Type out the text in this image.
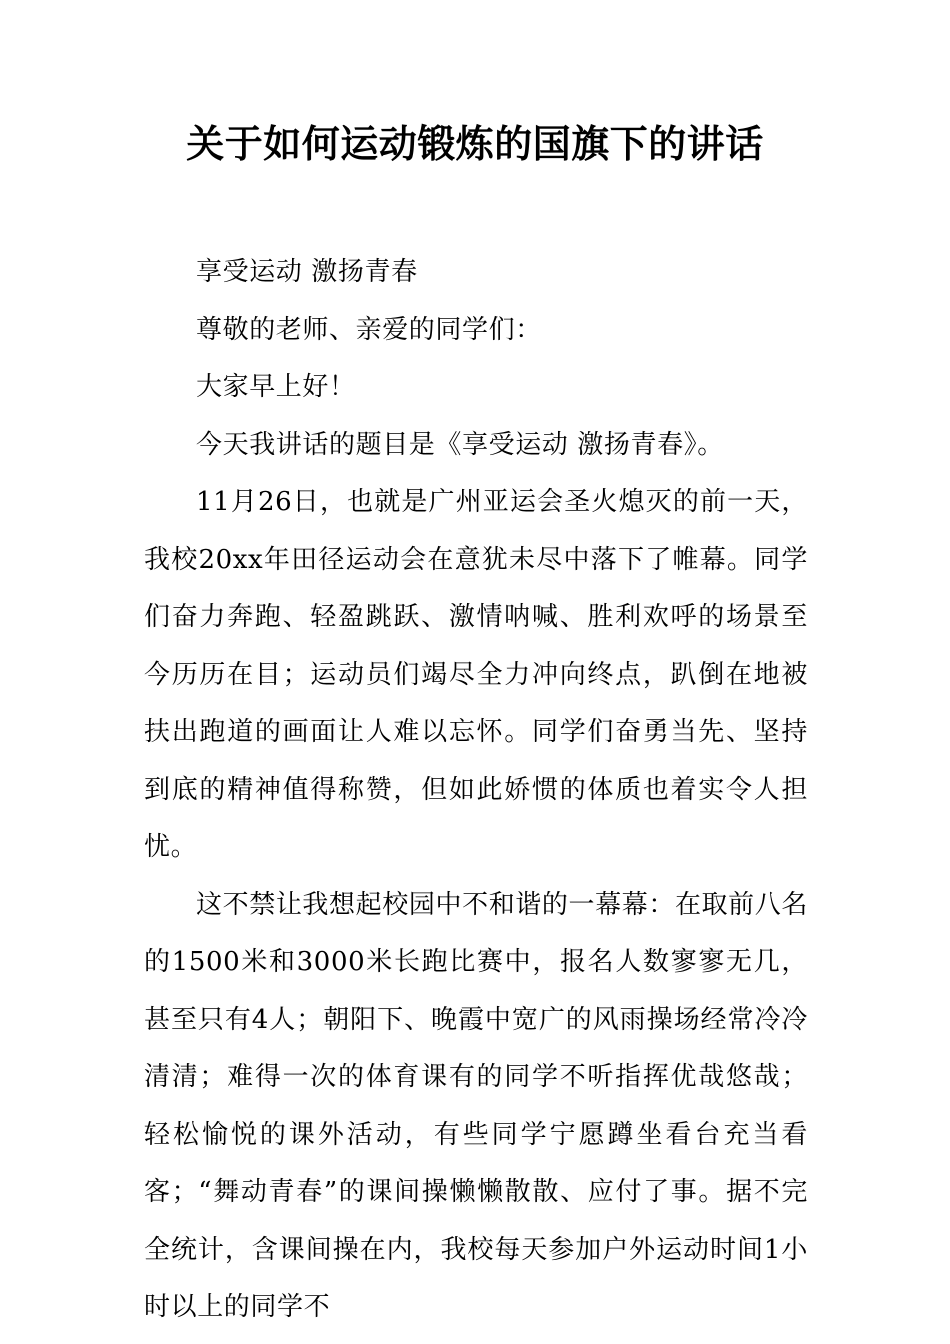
关于如何运动锻炼的国旗下的讲话

享受运动 激扬青春

尊敬的老师、亲爱的同学们：

大家早上好！

今天我讲话的题目是《享受运动 激扬青春》。

11月26日，也就是广州亚运会圣火熄灭的前一天，我校20xx年田径运动会在意犹未尽中落下了帷幕。同学们奋力奔跑、轻盈跳跃、激情呐喊、胜利欢呼的场景至今历历在目；运动员们竭尽全力冲向终点，趴倒在地被扶出跑道的画面让人难以忘怀。同学们奋勇当先、坚持到底的精神值得称赞，但如此娇惯的体质也着实令人担忧。

这不禁让我想起校园中不和谐的一幕幕：在取前八名的1500米和3000米长跑比赛中，报名人数寥寥无几，甚至只有4人；朝阳下、晚霞中宽广的风雨操场经常冷冷清清；难得一次的体育课有的同学不听指挥优哉悠哉；轻松愉悦的课外活动，有些同学宁愿蹲坐看台充当看客；“舞动青春”的课间操懒懒散散、应付了事。据不完全统计，含课间操在内，我校每天参加户外运动时间1小时以上的同学不
